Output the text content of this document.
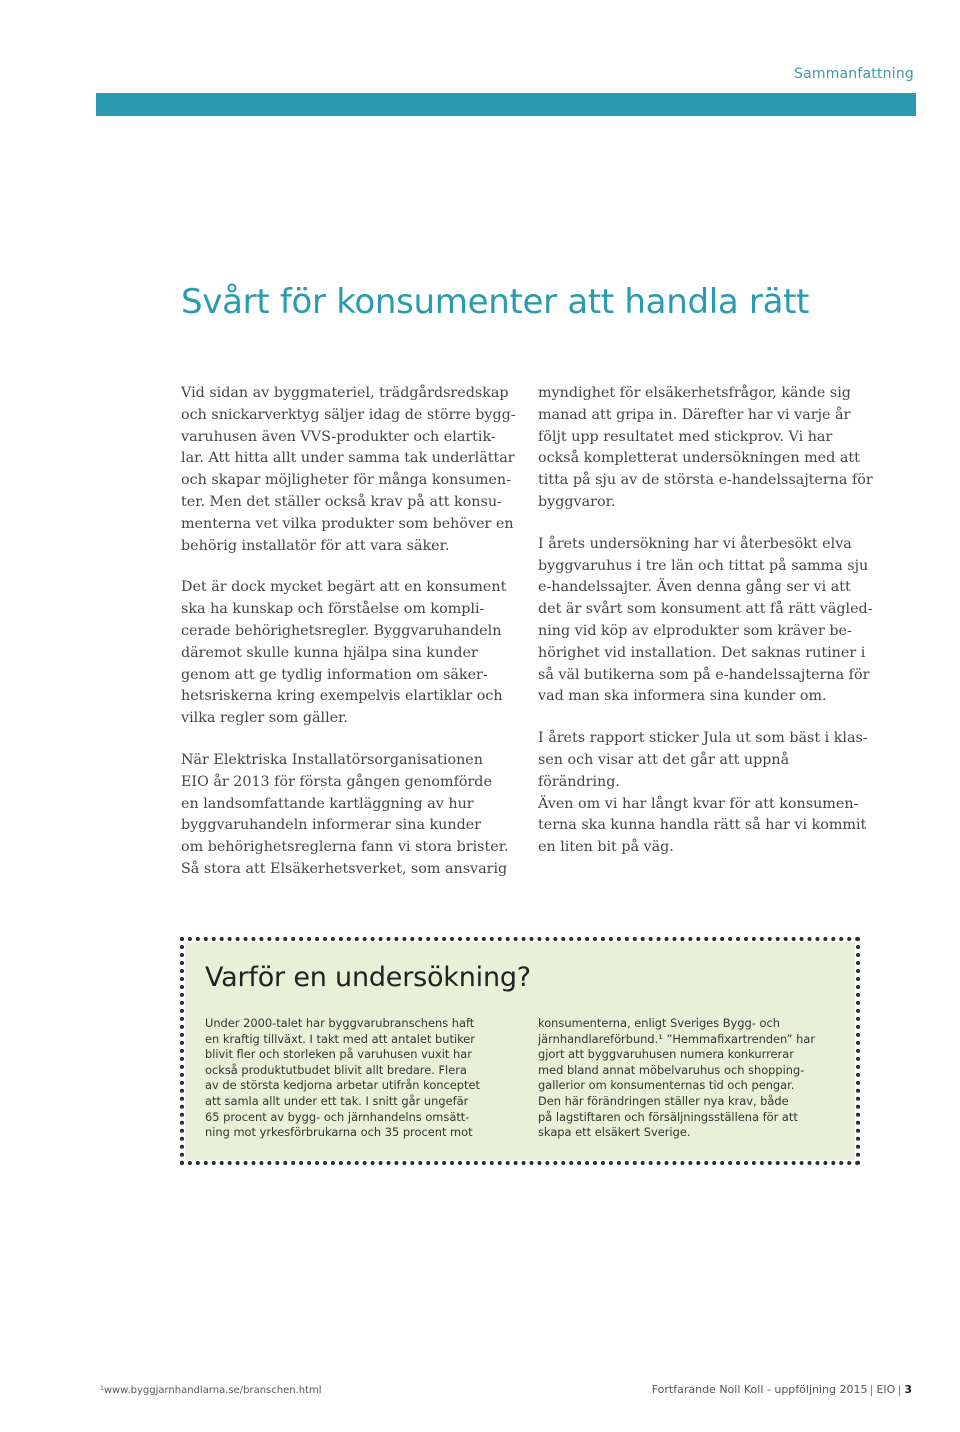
Sammanfattning
Svårt för konsumenter att handla rätt

Vid sidan av byggmateriel, trädgårdsredskap
och snickarverktyg säljer idag de större bygg-
varuhusen även VVS-produkter och elartik-
lar. Att hitta allt under samma tak underlättar
och skapar möjligheter för många konsumen-
ter. Men det ställer också krav på att konsu-
menterna vet vilka produkter som behöver en
behörig installatör för att vara säker.

Det är dock mycket begärt att en konsument
ska ha kunskap och förståelse om kompli-
cerade behörighetsregler. Byggvaruhandeln
däremot skulle kunna hjälpa sina kunder
genom att ge tydlig information om säker-
hetsriskerna kring exempelvis elartiklar och
vilka regler som gäller.

När Elektriska Installatörsorganisationen
EIO år 2013 för första gången genomförde
en landsomfattande kartläggning av hur
byggvaruhandeln informerar sina kunder
om behörighetsreglerna fann vi stora brister.
Så stora att Elsäkerhetsverket, som ansvarig

myndighet för elsäkerhetsfrågor, kände sig
manad att gripa in. Därefter har vi varje år
följt upp resultatet med stickprov. Vi har
också kompletterat undersökningen med att
titta på sju av de största e-handelssajterna för
byggvaror.

I årets undersökning har vi återbesökt elva
byggvaruhus i tre län och tittat på samma sju
e-handelssajter. Även denna gång ser vi att
det är svårt som konsument att få rätt vägled-
ning vid köp av elprodukter som kräver be-
hörighet vid installation. Det saknas rutiner i
så väl butikerna som på e-handelssajterna för
vad man ska informera sina kunder om.

I årets rapport sticker Jula ut som bäst i klas-
sen och visar att det går att uppnå förändring.
Även om vi har långt kvar för att konsumen-
terna ska kunna handla rätt så har vi kommit
en liten bit på väg.

Varför en undersökning?
Under 2000-talet har byggvarubranschens haft
en kraftig tillväxt. I takt med att antalet butiker
blivit fler och storleken på varuhusen vuxit har
också produktutbudet blivit allt bredare. Flera
av de största kedjorna arbetar utifrån konceptet
att samla allt under ett tak. I snitt går ungefär
65 procent av bygg- och järnhandelns omsätt-
ning mot yrkesförbrukarna och 35 procent mot
konsumenterna, enligt Sveriges Bygg- och
järnhandlareförbund.¹ ”Hemmafixartrenden” har
gjort att byggvaruhusen numera konkurrerar
med bland annat möbelvaruhus och shopping-
gallerior om konsumenternas tid och pengar.
Den här förändringen ställer nya krav, både
på lagstiftaren och försäljningsställena för att
skapa ett elsäkert Sverige.
$^1$www.byggjarnhandlarna.se/branschen.html	Fortfarande Noll Koll - uppföljning 2015 EIO 3
